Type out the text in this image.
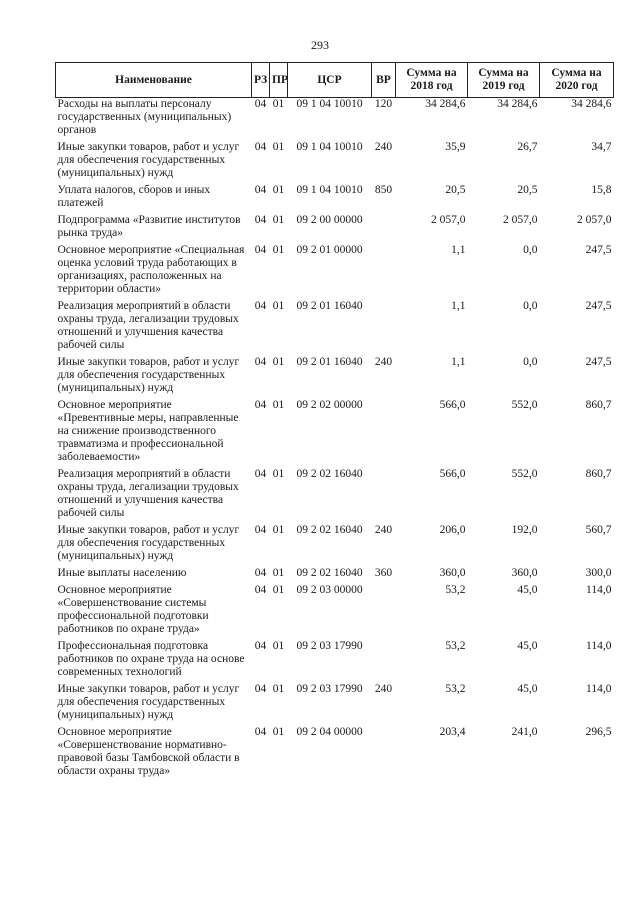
293
Наименование	РЗ	ПР	ЦСР	ВР	Сумма на 2018 год	Сумма на 2019 год	Сумма на 2020 год
Расходы на выплаты персоналу государственных (муниципальных) органов	04	01	09 1 04 10010	120	34 284,6	34 284,6	34 284,6

Иные закупки товаров, работ и услуг для обеспечения государственных (муниципальных) нужд	04	01	09 1 04 10010	240	35,9	26,7	34,7

Уплата налогов, сборов и иных платежей	04	01	09 1 04 10010	850	20,5	20,5	15,8

Подпрограмма «Развитие институтов рынка труда»	04	01	09 2 00 00000		2 057,0	2 057,0	2 057,0

Основное мероприятие «Специальная оценка условий труда работающих в организациях, расположенных на территории области»	04	01	09 2 01 00000		1,1	0,0	247,5

Реализация мероприятий в области охраны труда, легализации трудовых отношений и улучшения качества рабочей силы	04	01	09 2 01 16040		1,1	0,0	247,5

Иные закупки товаров, работ и услуг для обеспечения государственных (муниципальных) нужд	04	01	09 2 01 16040	240	1,1	0,0	247,5

Основное мероприятие «Превентивные меры, направленные на снижение производственного травматизма и профессиональной заболеваемости»	04	01	09 2 02 00000		566,0	552,0	860,7

Реализация мероприятий в области охраны труда, легализации трудовых отношений и улучшения качества рабочей силы	04	01	09 2 02 16040		566,0	552,0	860,7

Иные закупки товаров, работ и услуг для обеспечения государственных (муниципальных) нужд	04	01	09 2 02 16040	240	206,0	192,0	560,7

Иные выплаты населению	04	01	09 2 02 16040	360	360,0	360,0	300,0

Основное мероприятие «Совершенствование системы профессиональной подготовки работников по охране труда»	04	01	09 2 03 00000		53,2	45,0	114,0

Профессиональная подготовка работников по охране труда на основе современных технологий	04	01	09 2 03 17990		53,2	45,0	114,0

Иные закупки товаров, работ и услуг для обеспечения государственных (муниципальных) нужд	04	01	09 2 03 17990	240	53,2	45,0	114,0

Основное мероприятие «Совершенствование нормативно-правовой базы Тамбовской области в области охраны труда»	04	01	09 2 04 00000		203,4	241,0	296,5
